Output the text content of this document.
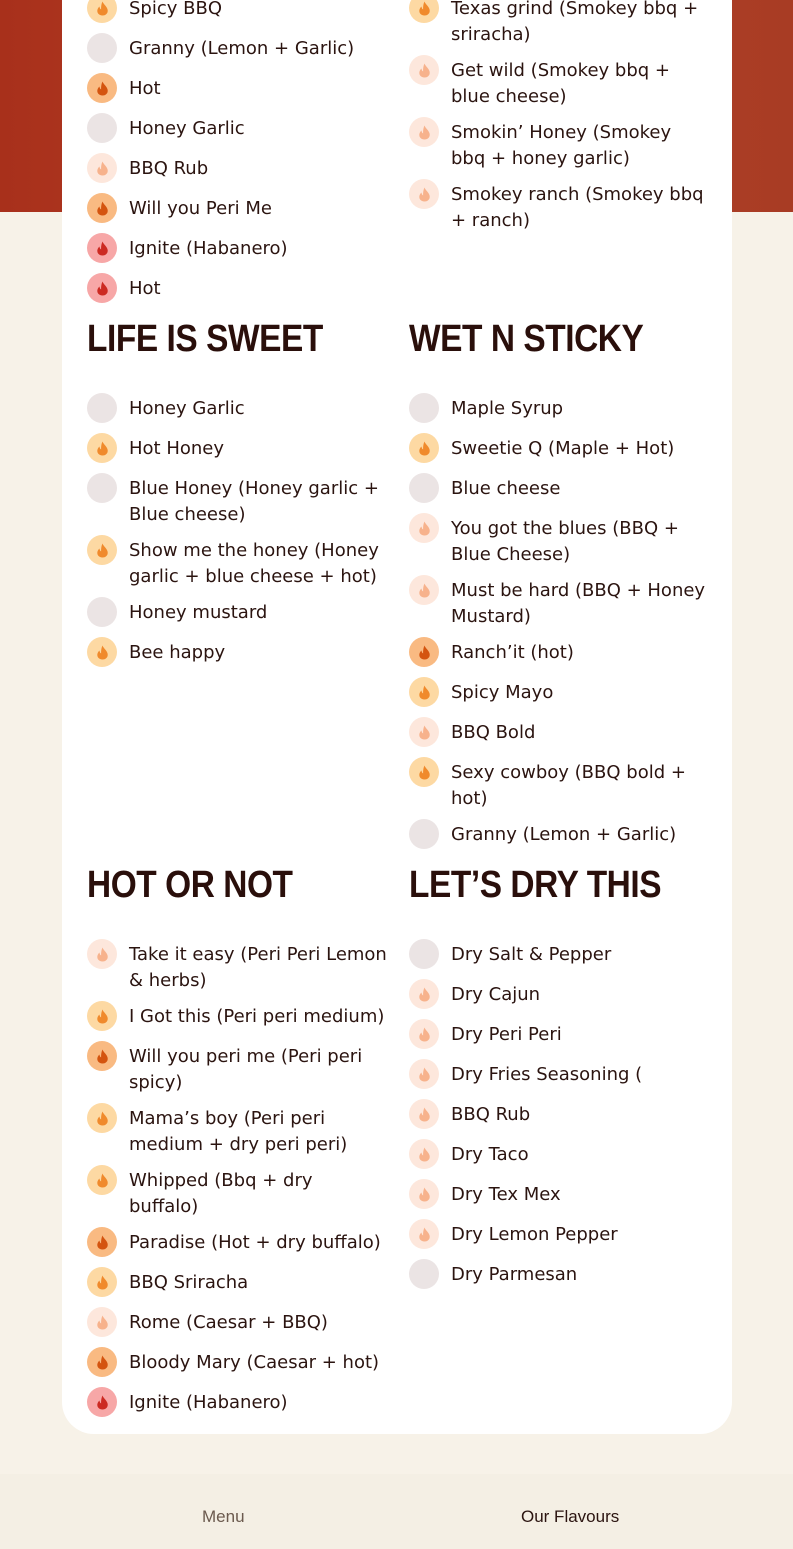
Spicy BBQ
Granny (Lemon + Garlic)
Hot
Honey Garlic
BBQ Rub
Will you Peri Me
Ignite (Habanero)
Hot
Texas grind (Smokey bbq + sriracha)
Get wild (Smokey bbq + blue cheese)
Smokin’ Honey (Smokey bbq + honey garlic)
Smokey ranch (Smokey bbq + ranch)
LIFE IS SWEET
Honey Garlic
Hot Honey
Blue Honey (Honey garlic + Blue cheese)
Show me the honey (Honey garlic + blue cheese + hot)
Honey mustard
Bee happy
WET N STICKY
Maple Syrup
Sweetie Q (Maple + Hot)
Blue cheese
You got the blues (BBQ + Blue Cheese)
Must be hard (BBQ + Honey Mustard)
Ranch’it (hot)
Spicy Mayo
BBQ Bold
Sexy cowboy (BBQ bold + hot)
Granny (Lemon + Garlic)
HOT OR NOT
Take it easy (Peri Peri Lemon & herbs)
I Got this (Peri peri medium)
Will you peri me (Peri peri spicy)
Mama’s boy (Peri peri medium + dry peri peri)
Whipped (Bbq + dry buffalo)
Paradise (Hot + dry buffalo)
BBQ Sriracha
Rome (Caesar + BBQ)
Bloody Mary (Caesar + hot)
Ignite (Habanero)
LET’S DRY THIS
Dry Salt & Pepper
Dry Cajun
Dry Peri Peri
Dry Fries Seasoning (
BBQ Rub
Dry Taco
Dry Tex Mex
Dry Lemon Pepper
Dry Parmesan
Menu	Our Flavours
